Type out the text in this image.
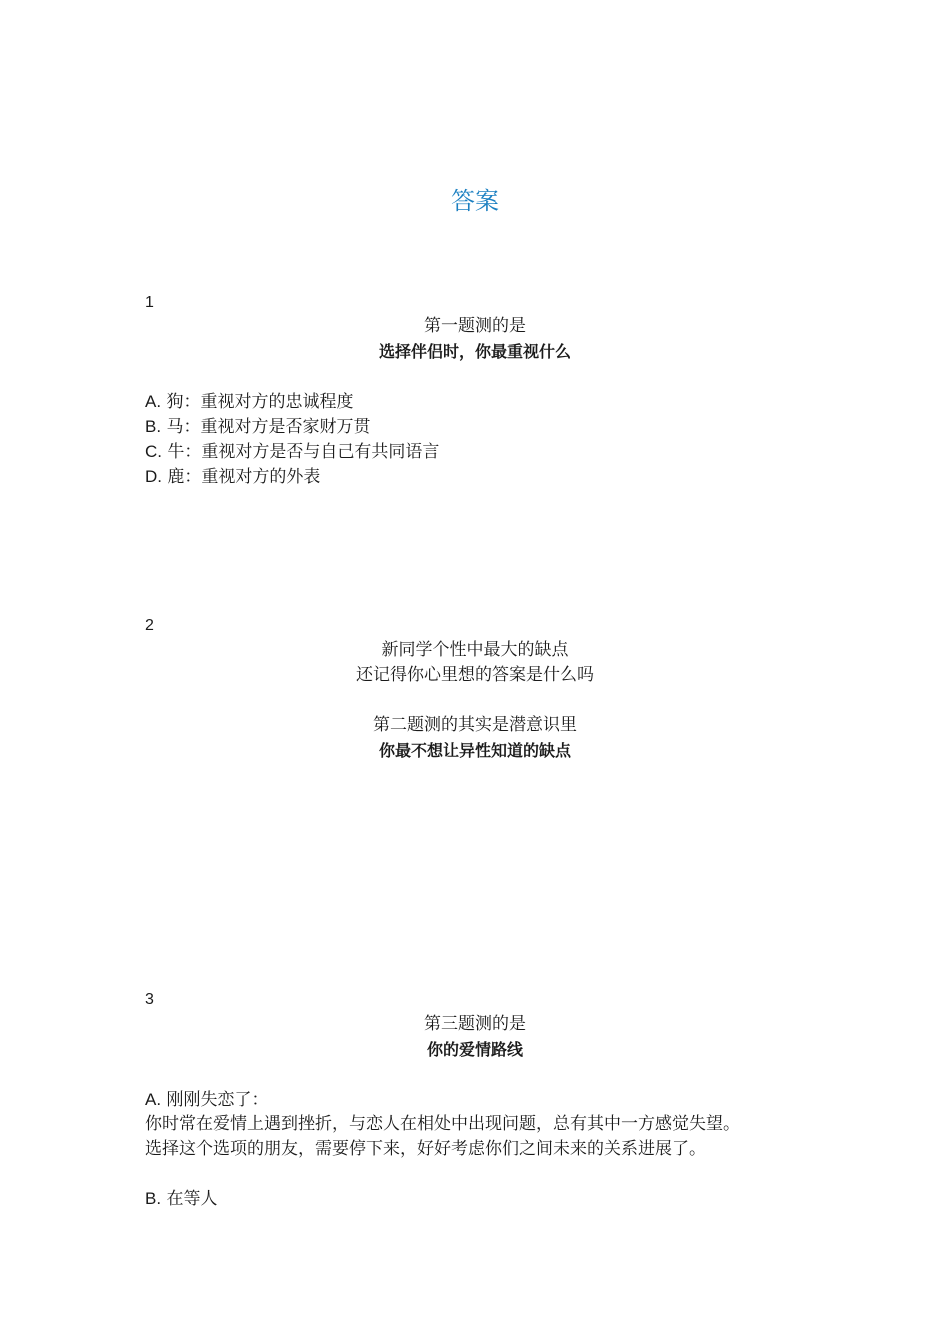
答案
1
第一题测的是
选择伴侣时，你最重视什么
A. 狗：重视对方的忠诚程度
B. 马：重视对方是否家财万贯
C. 牛：重视对方是否与自己有共同语言
D. 鹿：重视对方的外表
2
新同学个性中最大的缺点
还记得你心里想的答案是什么吗
第二题测的其实是潜意识里
你最不想让异性知道的缺点
3
第三题测的是
你的爱情路线
A. 刚刚失恋了：
你时常在爱情上遇到挫折，与恋人在相处中出现问题，总有其中一方感觉失望。
选择这个选项的朋友，需要停下来，好好考虑你们之间未来的关系进展了。
B. 在等人
